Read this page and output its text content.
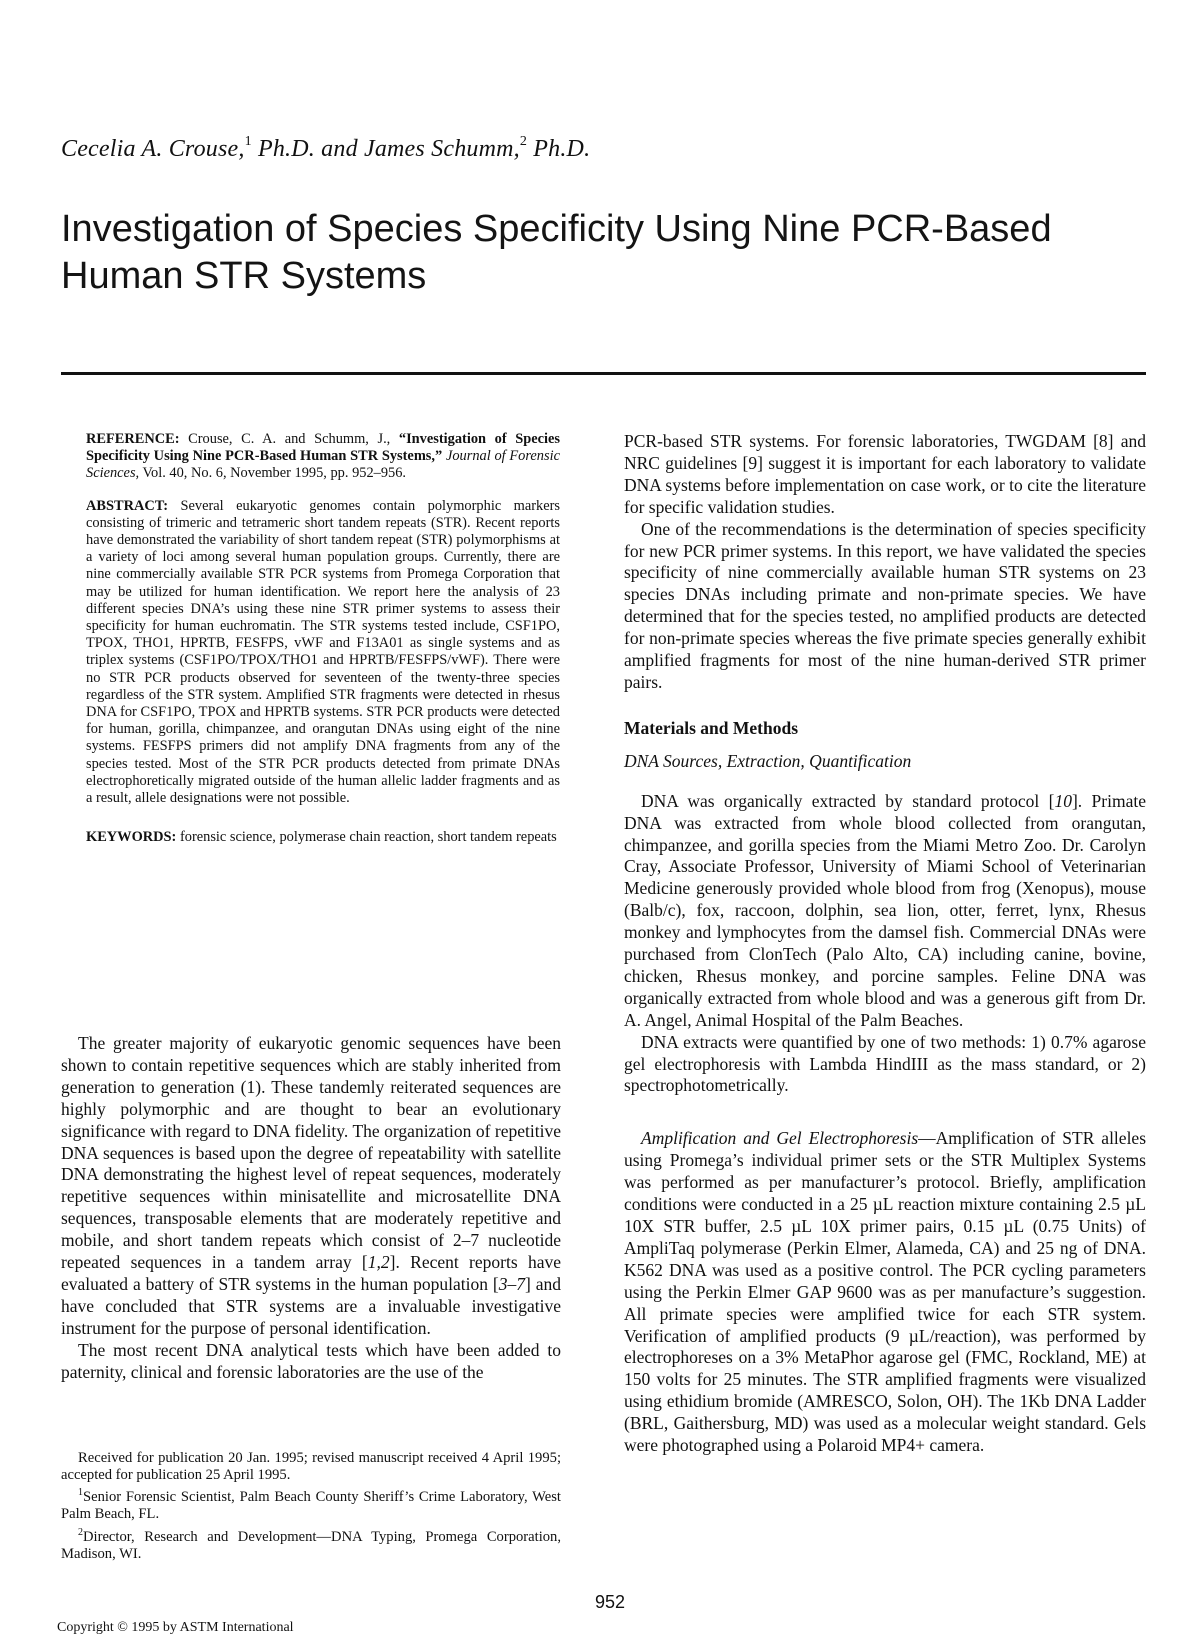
Cecelia A. Crouse,$^1$ Ph.D. and James Schumm,$^2$ Ph.D.
Investigation of Species Specificity Using Nine PCR-Based
Human STR Systems

REFERENCE: Crouse, C. A. and Schumm, J., “Investigation of Species Specificity Using Nine PCR-Based Human STR Systems,” Journal of Forensic Sciences, Vol. 40, No. 6, November 1995, pp. 952–956.

ABSTRACT: Several eukaryotic genomes contain polymorphic markers consisting of trimeric and tetrameric short tandem repeats (STR). Recent reports have demonstrated the variability of short tandem repeat (STR) polymorphisms at a variety of loci among several human population groups. Currently, there are nine commercially available STR PCR systems from Promega Corporation that may be utilized for human identification. We report here the analysis of 23 different species DNA’s using these nine STR primer systems to assess their specificity for human euchromatin. The STR systems tested include, CSF1PO, TPOX, THO1, HPRTB, FESFPS, vWF and F13A01 as single systems and as triplex systems (CSF1PO/TPOX/THO1 and HPRTB/FESFPS/vWF). There were no STR PCR products observed for seventeen of the twenty-three species regardless of the STR system. Amplified STR fragments were detected in rhesus DNA for CSF1PO, TPOX and HPRTB systems. STR PCR products were detected for human, gorilla, chimpanzee, and orangutan DNAs using eight of the nine systems. FESFPS primers did not amplify DNA fragments from any of the species tested. Most of the STR PCR products detected from primate DNAs electrophoretically migrated outside of the human allelic ladder fragments and as a result, allele designations were not possible.

KEYWORDS: forensic science, polymerase chain reaction, short tandem repeats

The greater majority of eukaryotic genomic sequences have been shown to contain repetitive sequences which are stably inherited from generation to generation (1). These tandemly reiterated sequences are highly polymorphic and are thought to bear an evolutionary significance with regard to DNA fidelity. The organization of repetitive DNA sequences is based upon the degree of repeatability with satellite DNA demonstrating the highest level of repeat sequences, moderately repetitive sequences within minisatellite and microsatellite DNA sequences, transposable elements that are moderately repetitive and mobile, and short tandem repeats which consist of 2–7 nucleotide repeated sequences in a tandem array [1,2]. Recent reports have evaluated a battery of STR systems in the human population [3–7] and have concluded that STR systems are a invaluable investigative instrument for the purpose of personal identification.

The most recent DNA analytical tests which have been added to paternity, clinical and forensic laboratories are the use of the

Received for publication 20 Jan. 1995; revised manuscript received 4 April 1995; accepted for publication 25 April 1995.

$^1$Senior Forensic Scientist, Palm Beach County Sheriff’s Crime Laboratory, West Palm Beach, FL.

$^2$Director, Research and Development—DNA Typing, Promega Corporation, Madison, WI.

PCR-based STR systems. For forensic laboratories, TWGDAM [8] and NRC guidelines [9] suggest it is important for each laboratory to validate DNA systems before implementation on case work, or to cite the literature for specific validation studies.

One of the recommendations is the determination of species specificity for new PCR primer systems. In this report, we have validated the species specificity of nine commercially available human STR systems on 23 species DNAs including primate and non-primate species. We have determined that for the species tested, no amplified products are detected for non-primate species whereas the five primate species generally exhibit amplified fragments for most of the nine human-derived STR primer pairs.

Materials and Methods

DNA Sources, Extraction, Quantification

DNA was organically extracted by standard protocol [10]. Primate DNA was extracted from whole blood collected from orangutan, chimpanzee, and gorilla species from the Miami Metro Zoo. Dr. Carolyn Cray, Associate Professor, University of Miami School of Veterinarian Medicine generously provided whole blood from frog (Xenopus), mouse (Balb/c), fox, raccoon, dolphin, sea lion, otter, ferret, lynx, Rhesus monkey and lymphocytes from the damsel fish. Commercial DNAs were purchased from ClonTech (Palo Alto, CA) including canine, bovine, chicken, Rhesus monkey, and porcine samples. Feline DNA was organically extracted from whole blood and was a generous gift from Dr. A. Angel, Animal Hospital of the Palm Beaches.

DNA extracts were quantified by one of two methods: 1) 0.7% agarose gel electrophoresis with Lambda HindIII as the mass standard, or 2) spectrophotometrically.

Amplification and Gel Electrophoresis—Amplification of STR alleles using Promega’s individual primer sets or the STR Multiplex Systems was performed as per manufacturer’s protocol. Briefly, amplification conditions were conducted in a 25 µL reaction mixture containing 2.5 µL 10X STR buffer, 2.5 µL 10X primer pairs, 0.15 µL (0.75 Units) of AmpliTaq polymerase (Perkin Elmer, Alameda, CA) and 25 ng of DNA. K562 DNA was used as a positive control. The PCR cycling parameters using the Perkin Elmer GAP 9600 was as per manufacture’s suggestion. All primate species were amplified twice for each STR system. Verification of amplified products (9 µL/reaction), was performed by electrophoreses on a 3% MetaPhor agarose gel (FMC, Rockland, ME) at 150 volts for 25 minutes. The STR amplified fragments were visualized using ethidium bromide (AMRESCO, Solon, OH). The 1Kb DNA Ladder (BRL, Gaithersburg, MD) was used as a molecular weight standard. Gels were photographed using a Polaroid MP4+ camera.

952
Copyright © 1995 by ASTM International
